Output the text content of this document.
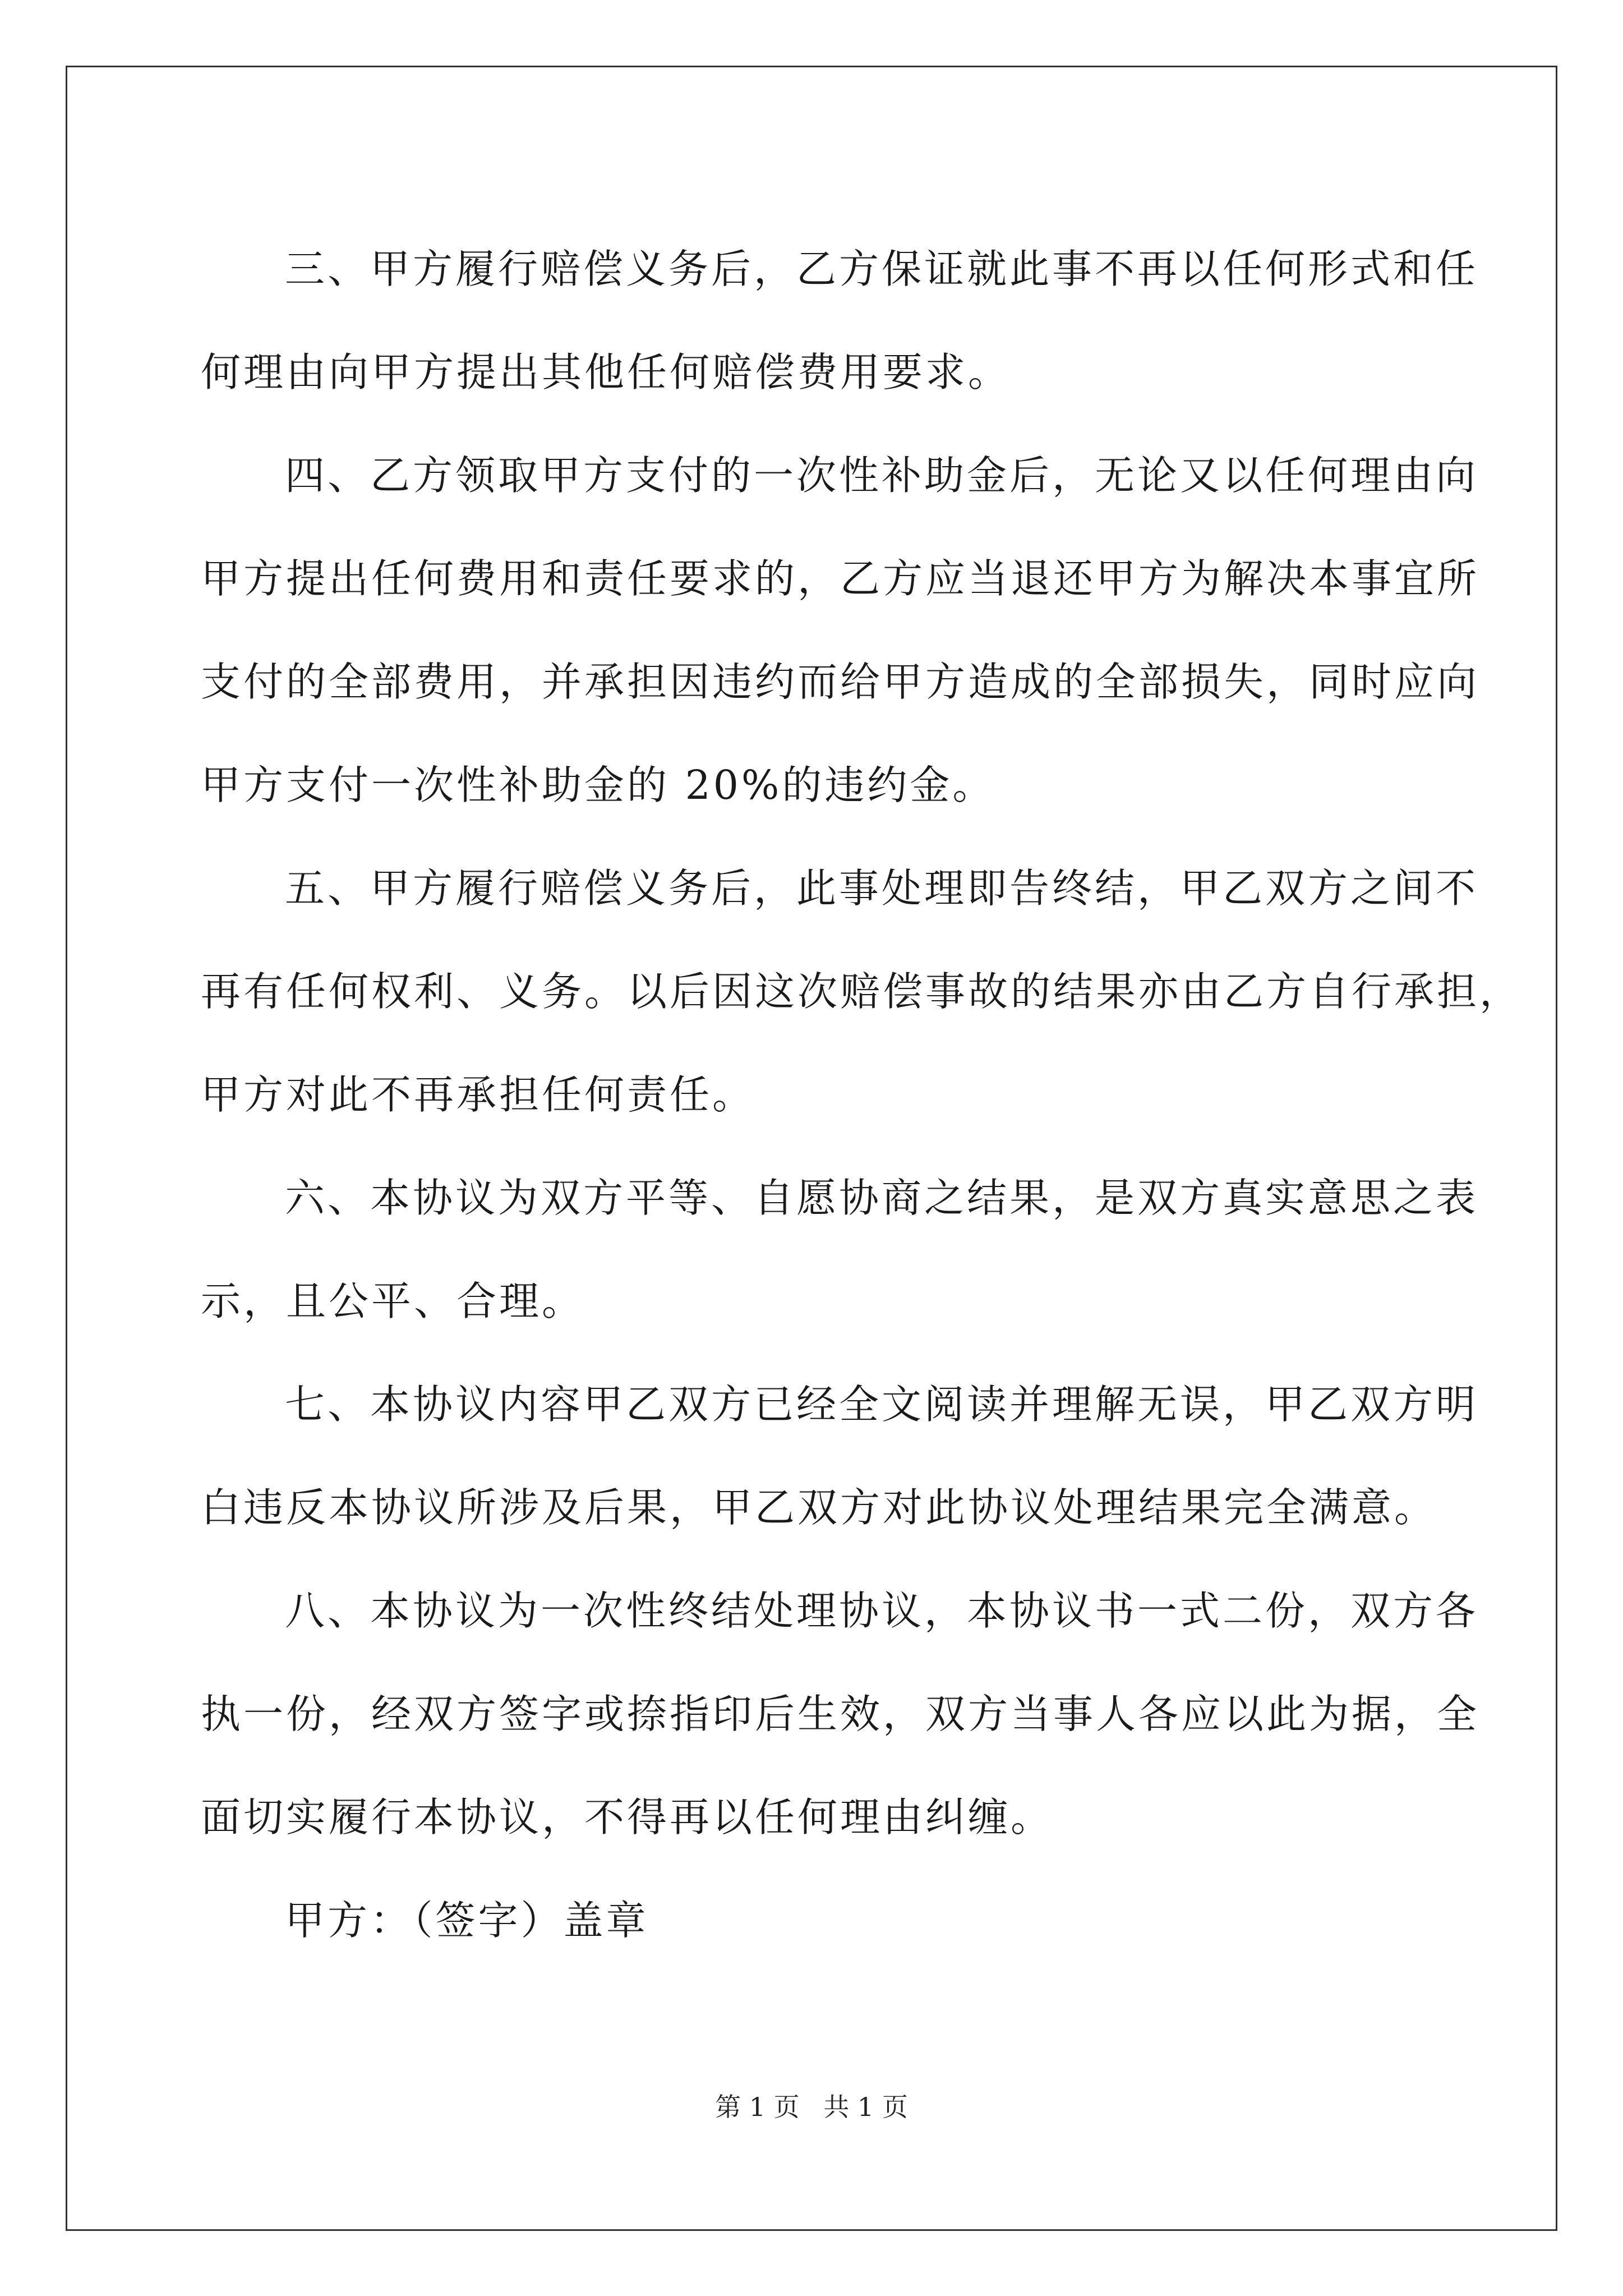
三、甲方履行赔偿义务后，乙方保证就此事不再以任何形式和任
何理由向甲方提出其他任何赔偿费用要求。
四、乙方领取甲方支付的一次性补助金后，无论又以任何理由向
甲方提出任何费用和责任要求的，乙方应当退还甲方为解决本事宜所
支付的全部费用，并承担因违约而给甲方造成的全部损失，同时应向
甲方支付一次性补助金的 20%的违约金。
五、甲方履行赔偿义务后，此事处理即告终结，甲乙双方之间不
再有任何权利、义务。以后因这次赔偿事故的结果亦由乙方自行承担，
甲方对此不再承担任何责任。
六、本协议为双方平等、自愿协商之结果，是双方真实意思之表
示，且公平、合理。
七、本协议内容甲乙双方已经全文阅读并理解无误，甲乙双方明
白违反本协议所涉及后果，甲乙双方对此协议处理结果完全满意。
八、本协议为一次性终结处理协议，本协议书一式二份，双方各
执一份，经双方签字或捺指印后生效，双方当事人各应以此为据，全
面切实履行本协议，不得再以任何理由纠缠。
甲方：（签字）盖章
第 1 页 共 1 页
